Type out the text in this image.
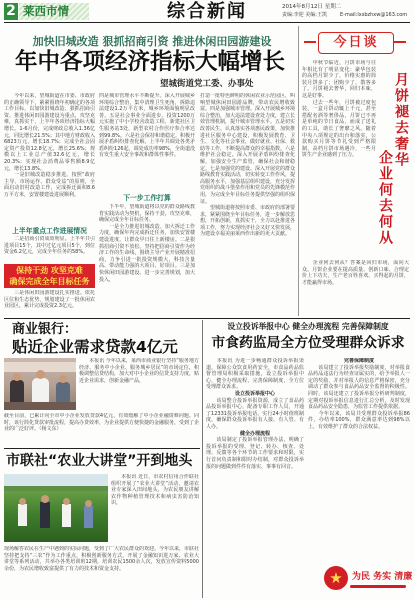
2 莱西市情	综合新闻	2014年8月12日 星期二
责编:李迎 美编:王凯	E-mail:lxsbzhxw@163.com
加快旧城改造 狠抓招商引资 推进休闲田园游建设
年中各项经济指标大幅增长
望城街道党工委、办事处

　　今年以来，望城街道在市委、市政府的正确领导下，紧紧围绕年初确定的各项工作目标，以加快旧城改造、狠抓招商引资、推进休闲田园游建设为重点，攻坚克难，真抓实干，上半年各项经济指标大幅增长。1-6月份，完成财政总收入1.36亿元，同比增长21.5%；其中地方财政收入6823万元，增长18.7%；完成全社会固定资产投资12.8亿元，增长25.6%；规模以上工业总产值32.6亿元，增长20.3%；实现社会消费品零售额8.9亿元，增长13.8%。

　　一是旧城改造稳步推进。按照“政府主导、市场运作、群众受益”的原则，全面启动旧村改造工作，完成拆迁面积8.6万平方米，安置楼建设进展顺利。

上半年重点工作进展情况

　　二是招商引资成效明显。上半年共引进项目15个，其中过亿元项目5个，到位资金6.2亿元，完成全年任务的58%。

保持干劲 攻坚克难
确保完成全年目标任务

　　三是休闲田园游建设扎实推进。依托区位和生态优势，规划建设了一批休闲农业园区，累计完成投资2.3亿元。

四是城市管理水平不断提升。深入开展城乡环境综合整治，集中清理卫生死角，拆除违法建设1.2万平方米，城乡环境面貌明显改善。五是社会事业全面进步。投资1200万元实施了中小学校舍改造工程，新建社区卫生服务站3处，新型农村合作医疗参合率达到99.8%。六是社会保持和谐稳定。积极开展矛盾纠纷排查化解，上半年共调处各类矛盾纠纷126起，调处成功率98%，全街道没有发生重大安全事故和群体性事件。

下一步工作打算

　　下半年，望城街道将以党的群众路线教育实践活动为契机，保持干劲，攻坚克难，确保完成全年目标任务。

　　一是全力推进旧城改造。加大拆迁工作力度，确保年内完成拆迁任务，加快安置楼建设进度，让群众早日住上新楼房。二是狠抓招商引资不放松。坚持把招商引资作为经济工作的生命线，围绕主导产业开展精准招商，力争引进一批投资规模大、科技含量高、带动能力强的大项目、好项目。三是加快休闲田园游建设。进一步完善规划，加大投入，

打造一批特色鲜明的休闲农业示范园区，叫响望城休闲田园游品牌，带动农民增收致富。四是加强城市管理。深入开展城乡环境综合整治，加大违法建设查处力度，建立长效管理机制，提升城市管理水平。五是切实改善民生。认真落实各项惠民政策，加快推进社区服务中心建设，积极发展教育、卫生、文化等社会事业，做好就业、社保、救助等工作，不断提高群众的幸福指数。六是维护社会稳定。深入开展矛盾纠纷排查化解，加强安全生产监管，确保社会和谐稳定。七是加强党的建设。深入开展党的群众路线教育实践活动，切实转变工作作风，提高服务水平，加强基层组织建设，充分发挥党组织的战斗堡垒作用和党员的先锋模范作用，为完成全年目标任务提供坚强的组织保证。

　　望城街道将按照市委、市政府的部署要求，紧紧围绕全年目标任务，进一步解放思想，开拓创新，真抓实干，全力以赴推进各项工作，努力实现经济社会又好又快发展，为建设幸福美丽莱西作出新的更大贡献。

今日谈
月饼褪去奢华
企业何去何从

　　中秋节临近，月饼市场与往年相比有了明显变化：豪华包装的高档月饼少了，价格实惠的简装月饼多了；团购少了，散客多了。月饼褪去奢华，回归本味，这是好事。

　　过去一些年，月饼被过度包装，一盒月饼动辄上千元，甚至搭配名酒等奢侈品，月饼已不再是单纯的节日食品，而成了送礼的工具，助长了奢靡之风。随着中央八项规定的出台和落实，公款购买月饼等节礼受到严格限制，高档月饼市场遇冷，一些月饼生产企业感到了压力。

　　企业何去何从？答案是回归市场，面向大众。月饼企业要在提高质量、创新口味、合理定价上下功夫，生产老百姓喜欢、买得起的月饼，才能赢得市场。

商业银行：
贴近企业需求贷款4亿元

　　本报讯 今年以来，莱西市商业银行坚持“服务地方经济、服务中小企业、服务城乡居民”的市场定位，积极调整信贷结构，加大对中小企业的信贷支持力度，贴近企业需求，创新金融产品，

截至目前，已累计向全市中小企业发放贷款4亿元，有效缓解了中小企业融资难问题。同时，该行简化贷款审批流程，提高办贷效率，为企业提供方便快捷的金融服务，受到了企业的广泛好评。（杨文东）

市联社“农业大讲堂”开到地头

　　本报讯 近日，市农村信用合作联社组织开展了“农业大讲堂”活动，邀请农业专家深入田间地头，为农民朋友讲解农作物种植管理技术和病虫害防治知识，

现场解答农民在生产中遇到的实际问题，受到了广大农民群众的欢迎。今年以来，市联社坚持把支持“三农”作为工作重点，积极创新服务方式，开展了金融知识进万家、农业大讲堂等系列活动，共举办各类培训班12期，培训农民1500余人次，发放宣传资料5000余份，为农民增收致富提供了有力的技术和资金支持。

设立投诉举报中心 健全办理流程 完善保障制度
市食药监局全方位受理群众诉求

　　本报讯 为进一步畅通群众投诉举报渠道，保障公众饮食用药安全，市食品药品监督管理局积极采取措施，设立投诉举报中心，健全办理流程，完善保障制度，全方位受理群众诉求。

设立投诉举报中心

　　该局整合投诉举报资源，成立了食品药品投诉举报中心，配备专职工作人员，开通了12331投诉举报电话，实行24小时值班制度，确保群众投诉举报有人接、有人管、有人办。

健全办理流程

　　该局制定了投诉举报管理办法，明确了投诉举报的受理、登记、转办、核查、处理、反馈等各个环节的工作要求和时限，实行首问负责制和限时办结制，对群众投诉举报的问题做到件件有落实、事事有回音。

完善保障制度

　　该局建立了投诉举报奖励制度，对举报食品药品违法行为经查证属实的，给予举报人一定的奖励，并对举报人的信息严格保密，充分调动了群众参与食品药品安全监督的积极性。同时，该局还建立了投诉举报分析研判制度，定期对投诉举报信息进行汇总分析，及时发现食品药品安全隐患，为监管工作提供依据。

　　今年以来，该局共受理群众投诉举报86件，办结率100%，群众满意率达到98%以上，有效维护了群众的合法权益。

★	为民 务实 清廉
